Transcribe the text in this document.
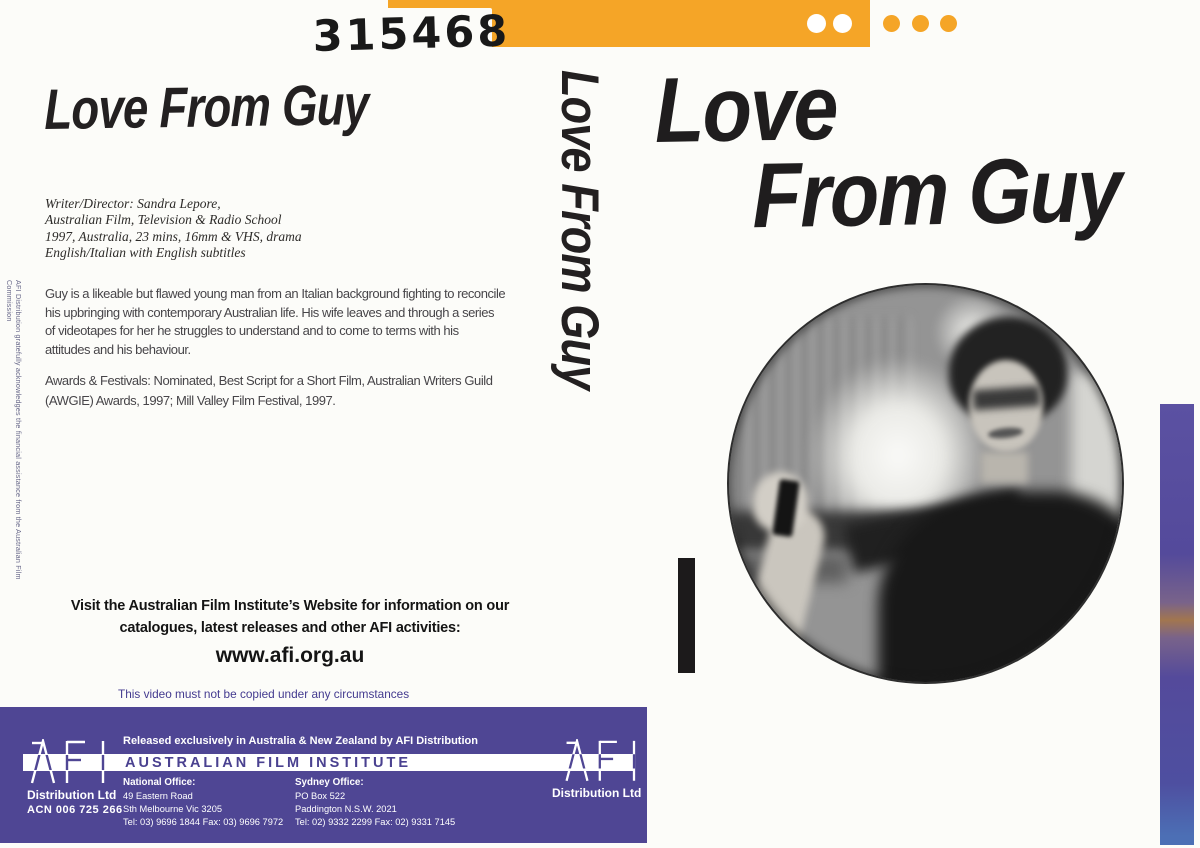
315468
AFI Distribution gratefully acknowledges the financial assistance from the Australian Film Commission
Love From Guy
Writer/Director: Sandra Lepore,
Australian Film, Television & Radio School
1997, Australia, 23 mins, 16mm & VHS, drama
English/Italian with English subtitles
Guy is a likeable but flawed young man from an Italian background fighting to reconcile
his upbringing with contemporary Australian life. His wife leaves and through a series
of videotapes for her he struggles to understand and to come to terms with his
attitudes and his behaviour.
Awards & Festivals: Nominated, Best Script for a Short Film, Australian Writers Guild
(AWGIE) Awards, 1997; Mill Valley Film Festival, 1997.
Visit the Australian Film Institute’s Website for information on our
catalogues, latest releases and other AFI activities:
www.afi.org.au
This video must not be copied under any circumstances
Love From Guy Love
From Guy
Released exclusively in Australia & New Zealand by AFI Distribution
AUSTRALIAN FILM INSTITUTE
Distribution Ltd
ACN 006 725 266
National Office:
49 Eastern Road
Sth Melbourne Vic 3205
Tel: 03) 9696 1844 Fax: 03) 9696 7972
Sydney Office:
PO Box 522
Paddington N.S.W. 2021
Tel: 02) 9332 2299 Fax: 02) 9331 7145
Distribution Ltd
